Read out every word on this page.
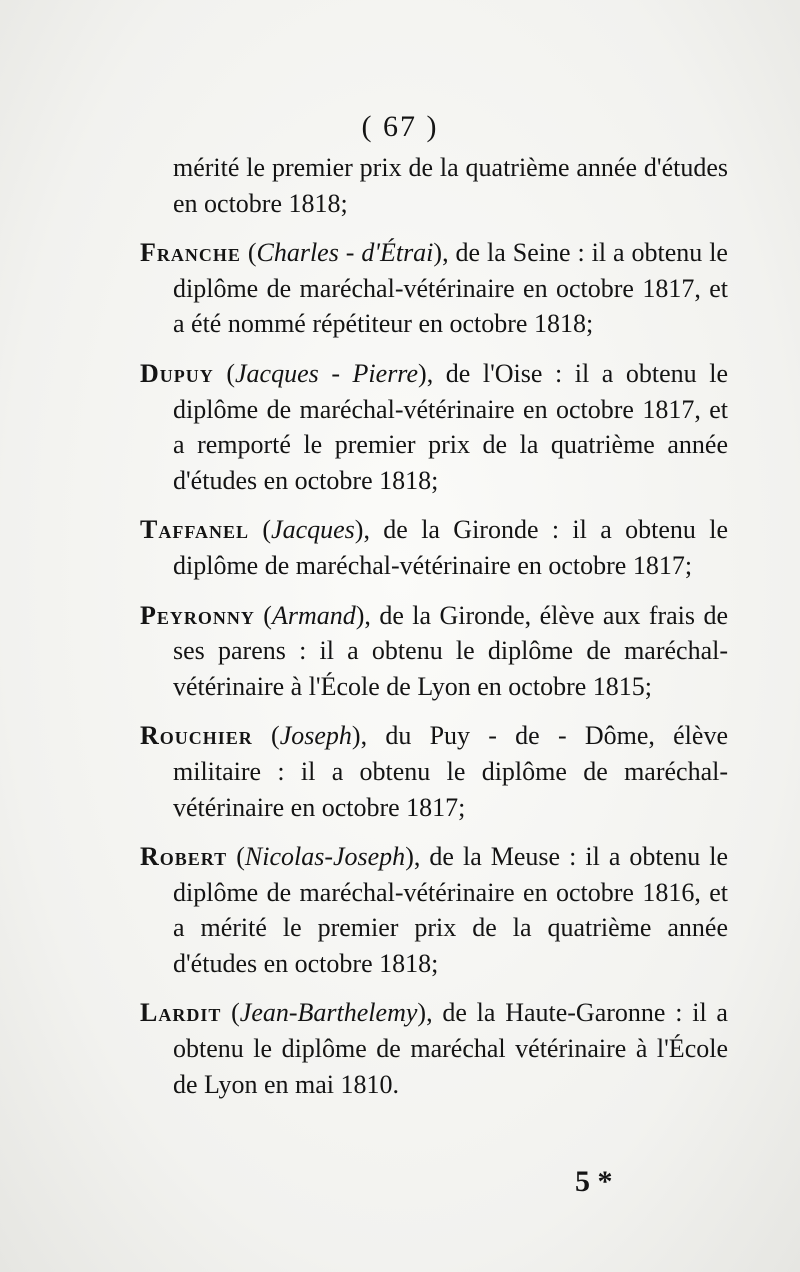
( 67 )

mérité le premier prix de la quatrième année d'études en octobre 1818;

Franche (Charles - d'Étrai), de la Seine : il a obtenu le diplôme de maréchal-vétérinaire en octobre 1817, et a été nommé répétiteur en octobre 1818;

Dupuy (Jacques - Pierre), de l'Oise : il a obtenu le diplôme de maréchal-vétérinaire en octobre 1817, et a remporté le premier prix de la quatrième année d'études en octobre 1818;

Taffanel (Jacques), de la Gironde : il a obtenu le diplôme de maréchal-vétérinaire en octobre 1817;

Peyronny (Armand), de la Gironde, élève aux frais de ses parens : il a obtenu le diplôme de maréchal-vétérinaire à l'École de Lyon en octobre 1815;

Rouchier (Joseph), du Puy - de - Dôme, élève militaire : il a obtenu le diplôme de maréchal-vétérinaire en octobre 1817;

Robert (Nicolas-Joseph), de la Meuse : il a obtenu le diplôme de maréchal-vétérinaire en octobre 1816, et a mérité le premier prix de la quatrième année d'études en octobre 1818;

Lardit (Jean-Barthelemy), de la Haute-Garonne : il a obtenu le diplôme de maréchal vétérinaire à l'École de Lyon en mai 1810.

5 *
